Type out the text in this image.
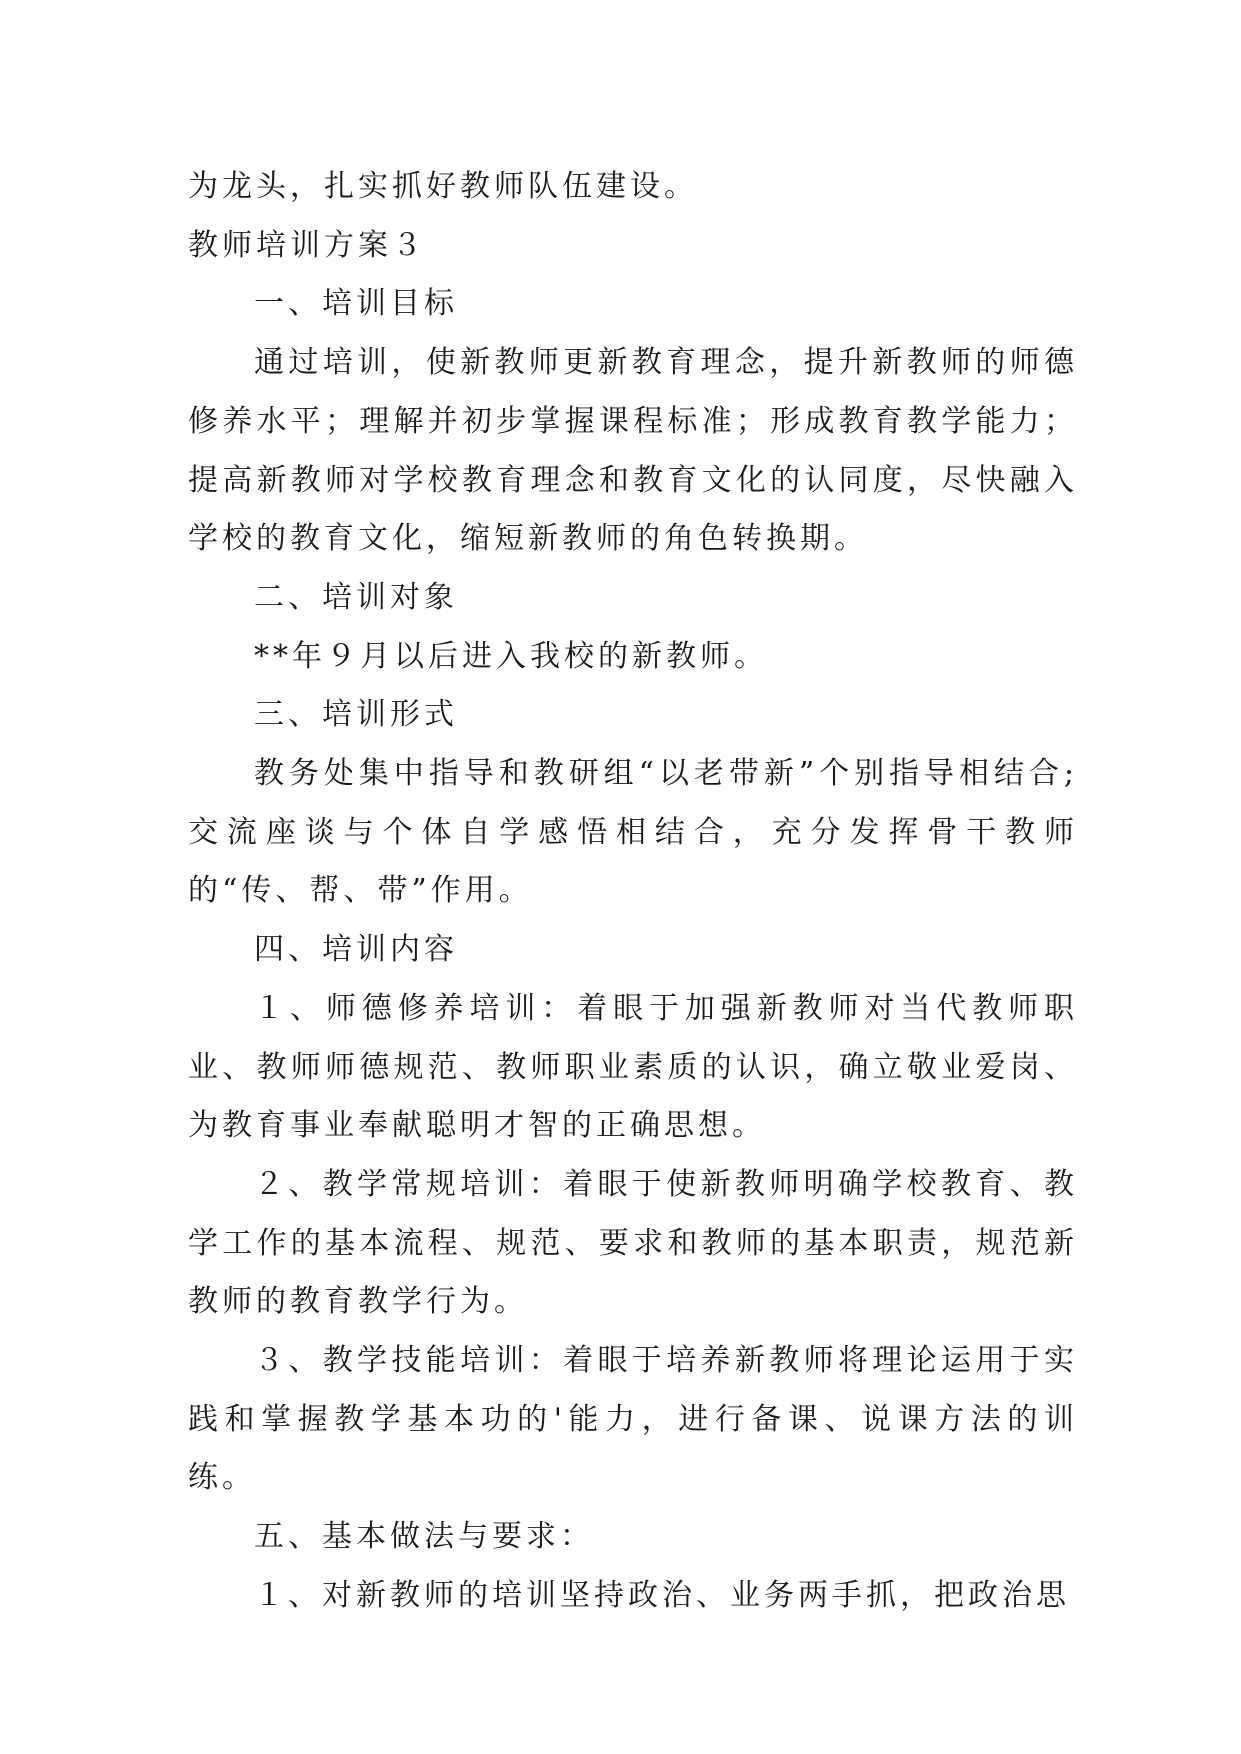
为龙头，扎实抓好教师队伍建设。

教师培训方案３

一、培训目标

通过培训，使新教师更新教育理念，提升新教师的师德修养水平；理解并初步掌握课程标准；形成教育教学能力；提高新教师对学校教育理念和教育文化的认同度，尽快融入学校的教育文化，缩短新教师的角色转换期。

二、培训对象

**年９月以后进入我校的新教师。

三、培训形式

教务处集中指导和教研组“以老带新”个别指导相结合;交流座谈与个体自学感悟相结合，充分发挥骨干教师的“传、帮、带”作用。

四、培训内容

１、师德修养培训：着眼于加强新教师对当代教师职业、教师师德规范、教师职业素质的认识，确立敬业爱岗、为教育事业奉献聪明才智的正确思想。

２、教学常规培训：着眼于使新教师明确学校教育、教学工作的基本流程、规范、要求和教师的基本职责，规范新教师的教育教学行为。

３、教学技能培训：着眼于培养新教师将理论运用于实践和掌握教学基本功的'能力，进行备课、说课方法的训练。

五、基本做法与要求：

１、对新教师的培训坚持政治、业务两手抓，把政治思
